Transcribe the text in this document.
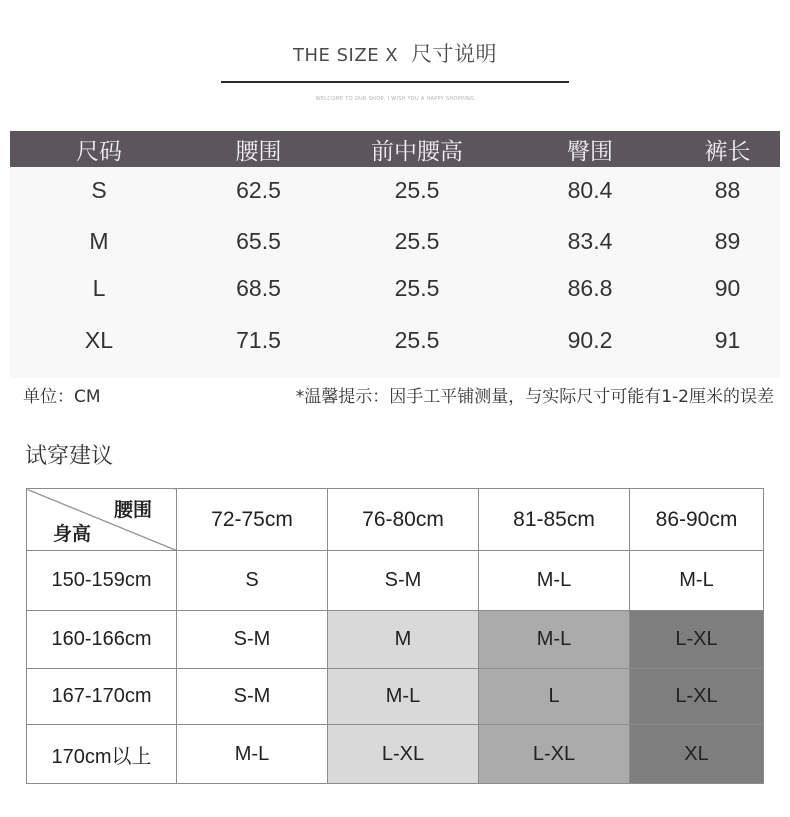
THE SIZE X 尺寸说明
WELCOME TO OUR SHOP, I WISH YOU A HAPPY SHOPPING
尺码	腰围	前中腰高	臀围	裤长
S	62.5	25.5	80.4	88
M	65.5	25.5	83.4	89
L	68.5	25.5	86.8	90
XL	71.5	25.5	90.2	91
单位：CM	*温馨提示：因手工平铺测量，与实际尺寸可能有1-2厘米的误差
试穿建议
腰围
身高	72-75cm	76-80cm	81-85cm	86-90cm
150-159cm	S	S-M	M-L	M-L
160-166cm	S-M	M	M-L	L-XL
167-170cm	S-M	M-L	L	L-XL
170cm以上	M-L	L-XL	L-XL	XL
